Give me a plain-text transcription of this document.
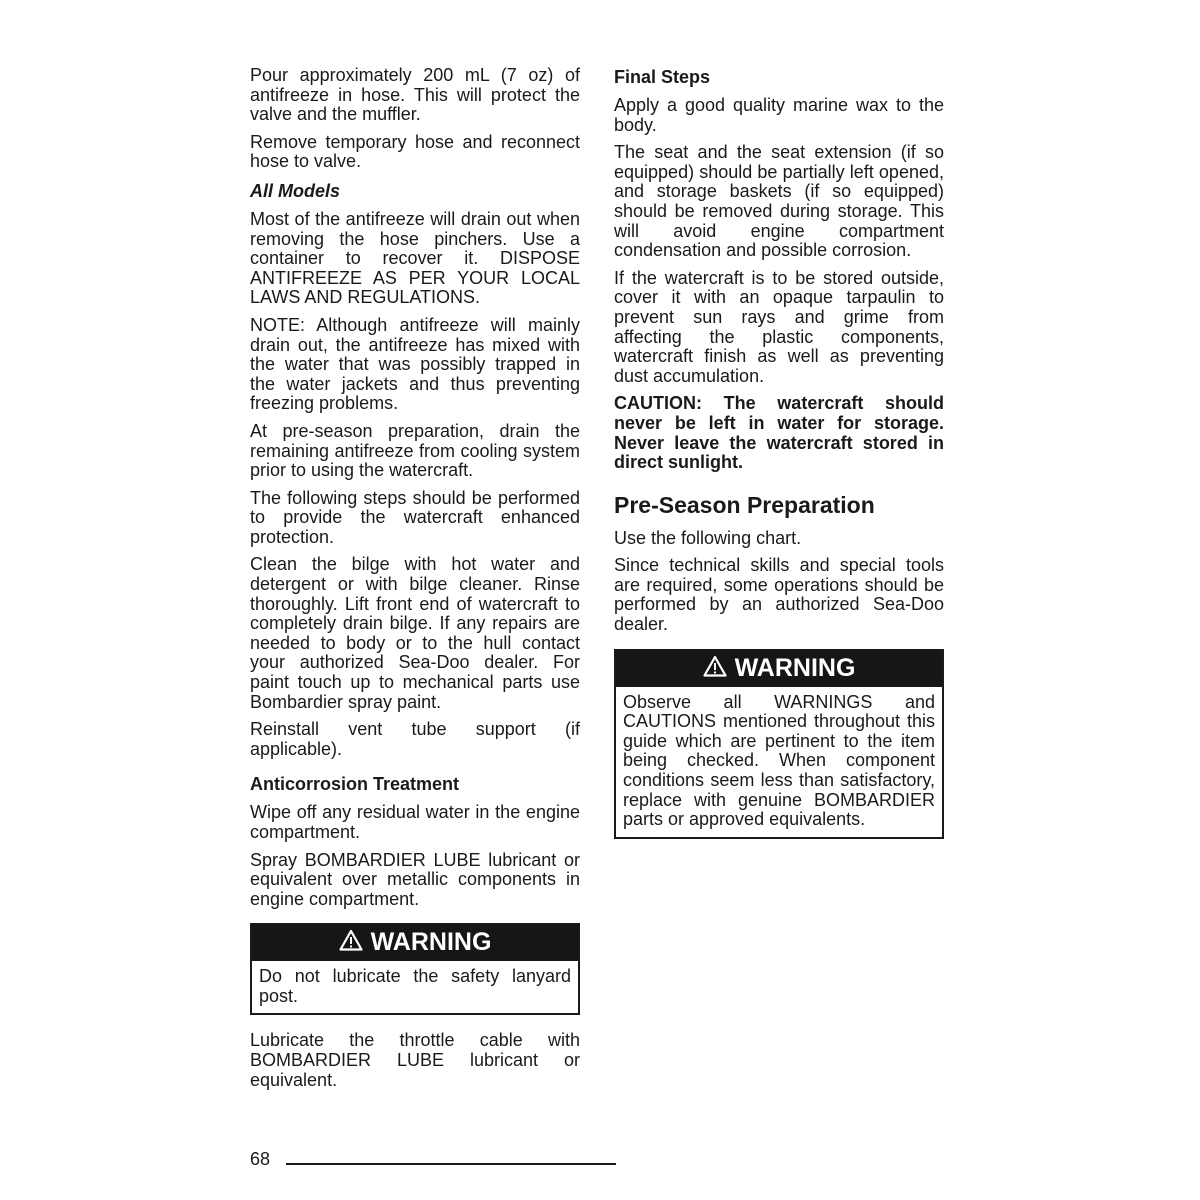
Pour approximately 200 mL (7 oz) of antifreeze in hose. This will protect the valve and the muffler.

Remove temporary hose and reconnect hose to valve.

All Models

Most of the antifreeze will drain out when removing the hose pinchers. Use a container to recover it. DISPOSE ANTIFREEZE AS PER YOUR LOCAL LAWS AND REGULATIONS.

NOTE: Although antifreeze will mainly drain out, the antifreeze has mixed with the water that was possibly trapped in the water jackets and thus preventing freezing problems.

At pre-season preparation, drain the remaining antifreeze from cooling system prior to using the watercraft.

The following steps should be performed to provide the watercraft enhanced protection.

Clean the bilge with hot water and detergent or with bilge cleaner. Rinse thoroughly. Lift front end of watercraft to completely drain bilge. If any repairs are needed to body or to the hull contact your authorized Sea-Doo dealer. For paint touch up to mechanical parts use Bombardier spray paint.

Reinstall vent tube support (if applicable).

Anticorrosion Treatment

Wipe off any residual water in the engine compartment.

Spray BOMBARDIER LUBE lubricant or equivalent over metallic components in engine compartment.

WARNING
Do not lubricate the safety lanyard post.

Lubricate the throttle cable with BOMBARDIER LUBE lubricant or equivalent.

Final Steps

Apply a good quality marine wax to the body.

The seat and the seat extension (if so equipped) should be partially left opened, and storage baskets (if so equipped) should be removed during storage. This will avoid engine compartment condensation and possible corrosion.

If the watercraft is to be stored outside, cover it with an opaque tarpaulin to prevent sun rays and grime from affecting the plastic components, watercraft finish as well as preventing dust accumulation.

CAUTION: The watercraft should never be left in water for storage. Never leave the watercraft stored in direct sunlight.

Pre-Season Preparation

Use the following chart.

Since technical skills and special tools are required, some operations should be performed by an authorized Sea-Doo dealer.

WARNING
Observe all WARNINGS and CAUTIONS mentioned throughout this guide which are pertinent to the item being checked. When component conditions seem less than satisfactory, replace with genuine BOMBARDIER parts or approved equivalents.
68
